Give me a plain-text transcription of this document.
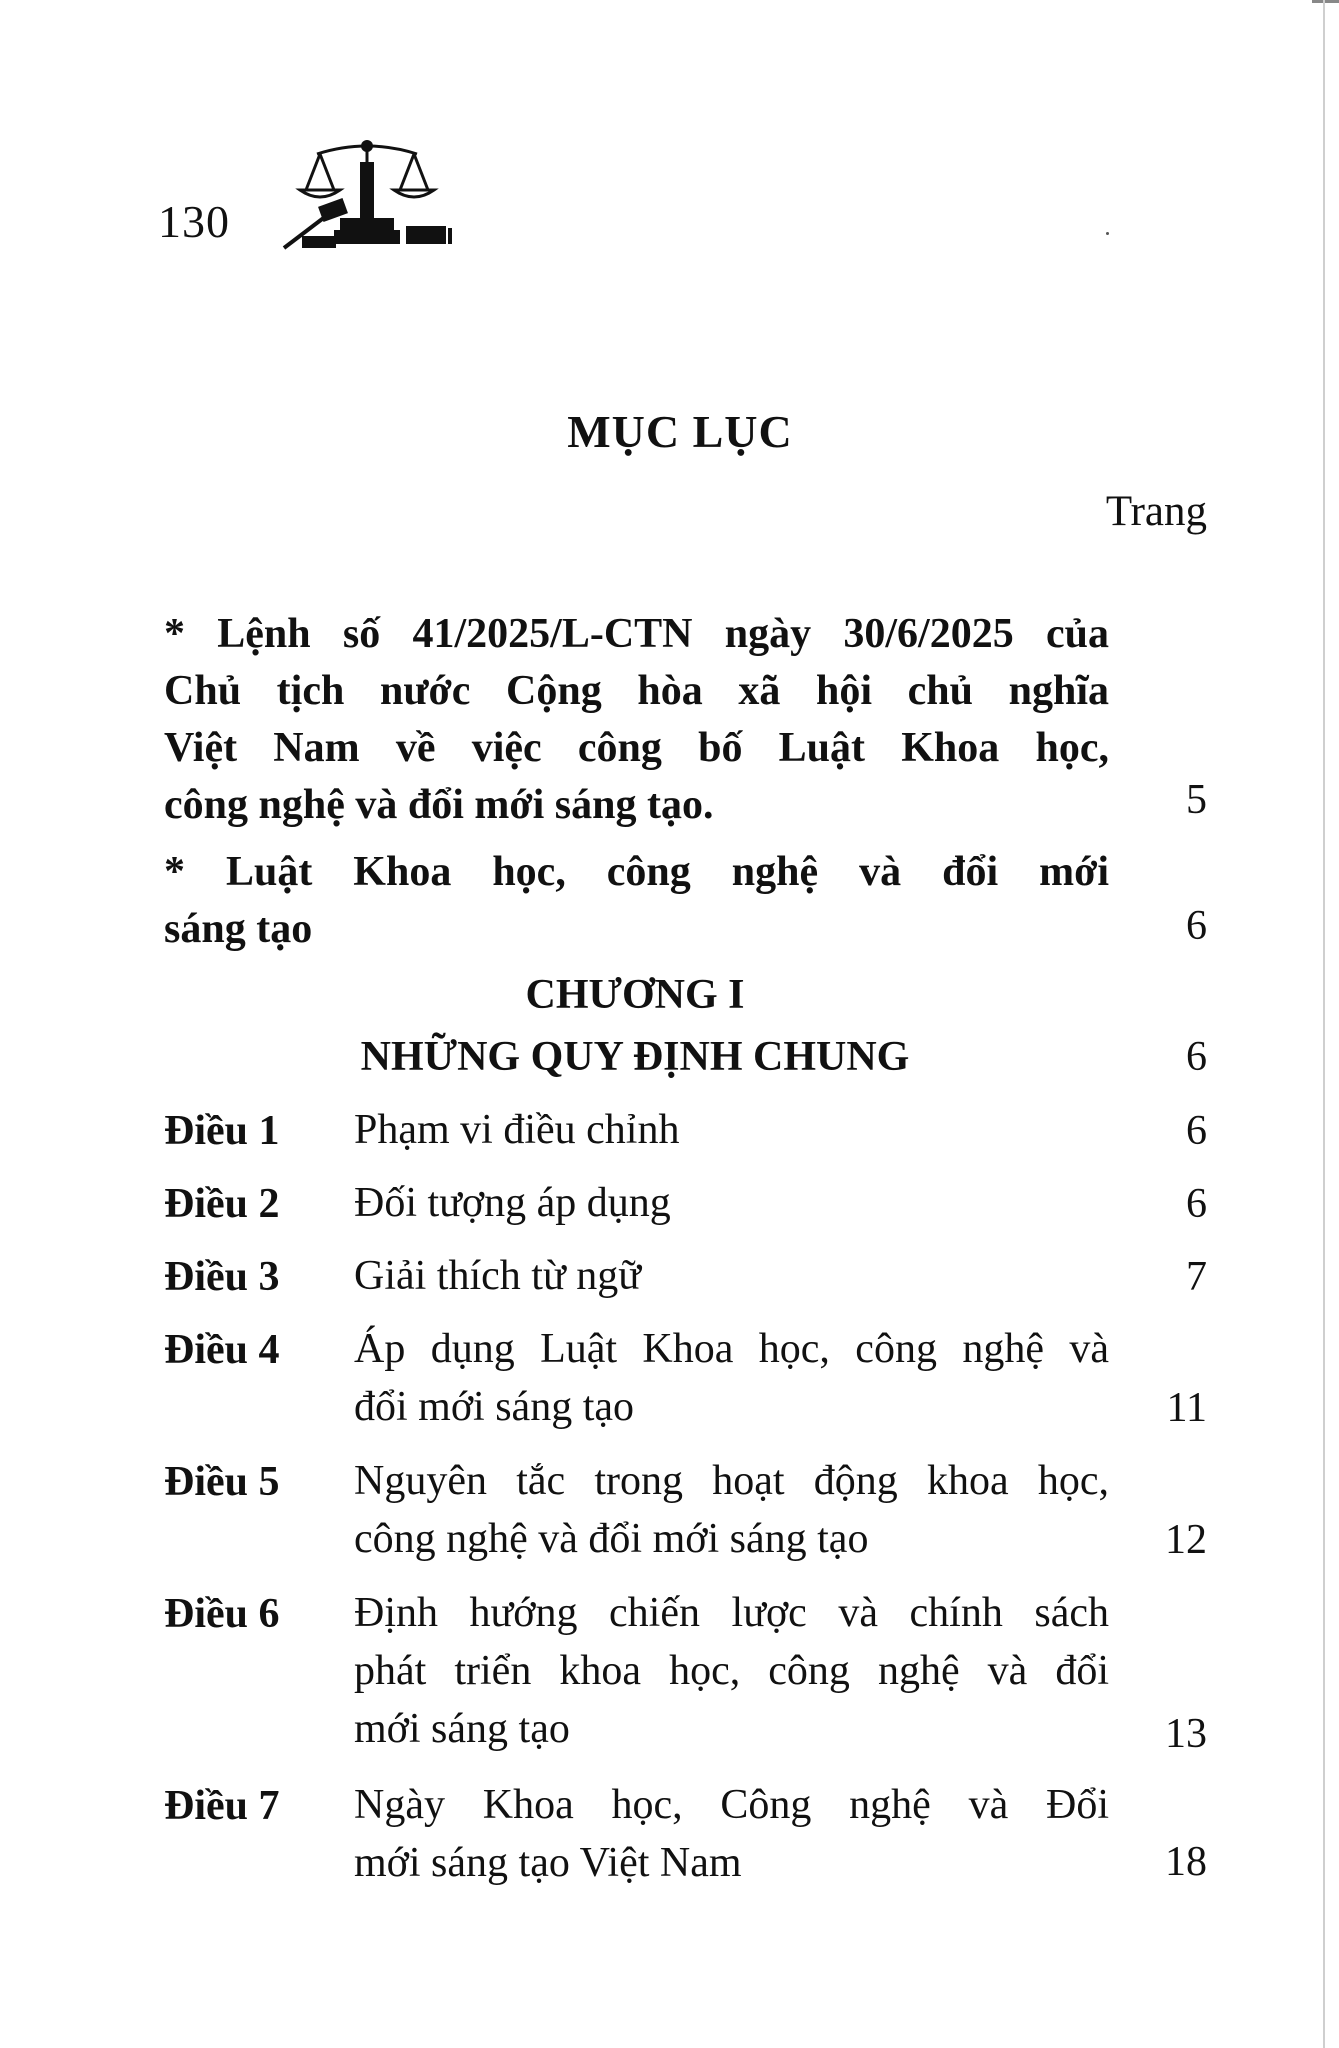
130
MỤC LỤC
Trang
* Lệnh số 41/2025/L-CTN ngày 30/6/2025 của
Chủ tịch nước Cộng hòa xã hội chủ nghĩa
Việt Nam về việc công bố Luật Khoa học,
công nghệ và đổi mới sáng tạo.	5
* Luật Khoa học, công nghệ và đổi mới
sáng tạo	6
CHƯƠNG I
NHỮNG QUY ĐỊNH CHUNG	6
Điều 1 Phạm vi điều chỉnh	6
Điều 2 Đối tượng áp dụng	6
Điều 3 Giải thích từ ngữ	7
Điều 4 Áp dụng Luật Khoa học, công nghệ và
đổi mới sáng tạo	11
Điều 5 Nguyên tắc trong hoạt động khoa học,
công nghệ và đổi mới sáng tạo	12
Điều 6 Định hướng chiến lược và chính sách
phát triển khoa học, công nghệ và đổi
mới sáng tạo	13
Điều 7 Ngày Khoa học, Công nghệ và Đổi
mới sáng tạo Việt Nam	18
